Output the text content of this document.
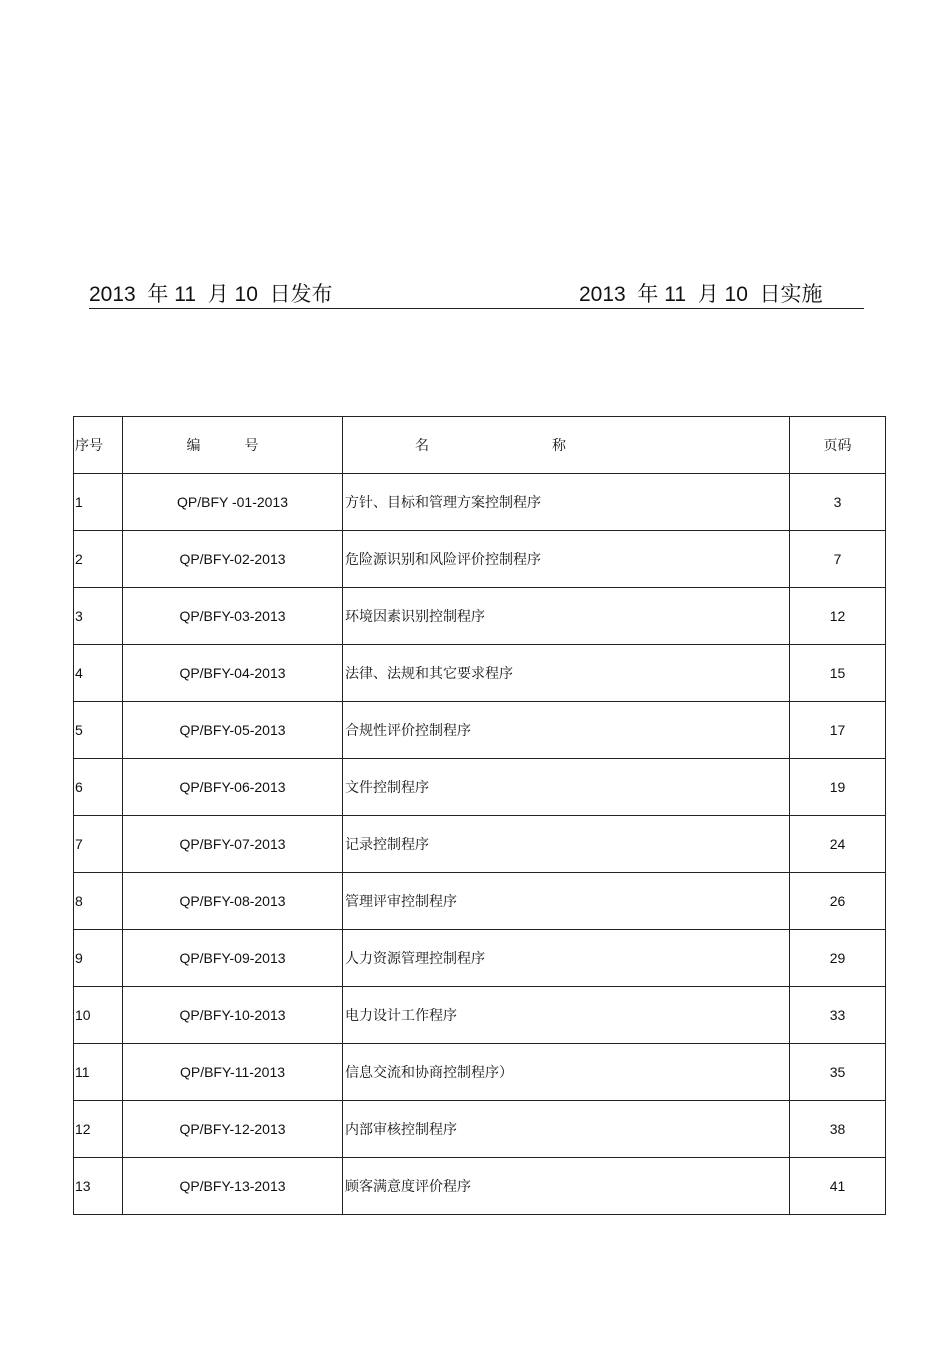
2013  年 11  月 10  日发布	2013  年 11  月 10  日实施
序号	编 号	名 称	页码
1	QP/BFY -01-2013	方针、目标和管理方案控制程序	3
2	QP/BFY-02-2013	危险源识别和风险评价控制程序	7
3	QP/BFY-03-2013	环境因素识别控制程序	12
4	QP/BFY-04-2013	法律、法规和其它要求程序	15
5	QP/BFY-05-2013	合规性评价控制程序	17
6	QP/BFY-06-2013	文件控制程序	19
7	QP/BFY-07-2013	记录控制程序	24
8	QP/BFY-08-2013	管理评审控制程序	26
9	QP/BFY-09-2013	人力资源管理控制程序	29
10	QP/BFY-10-2013	电力设计工作程序	33
11	QP/BFY-11-2013	信息交流和协商控制程序）	35
12	QP/BFY-12-2013	内部审核控制程序	38
13	QP/BFY-13-2013	顾客满意度评价程序	41
